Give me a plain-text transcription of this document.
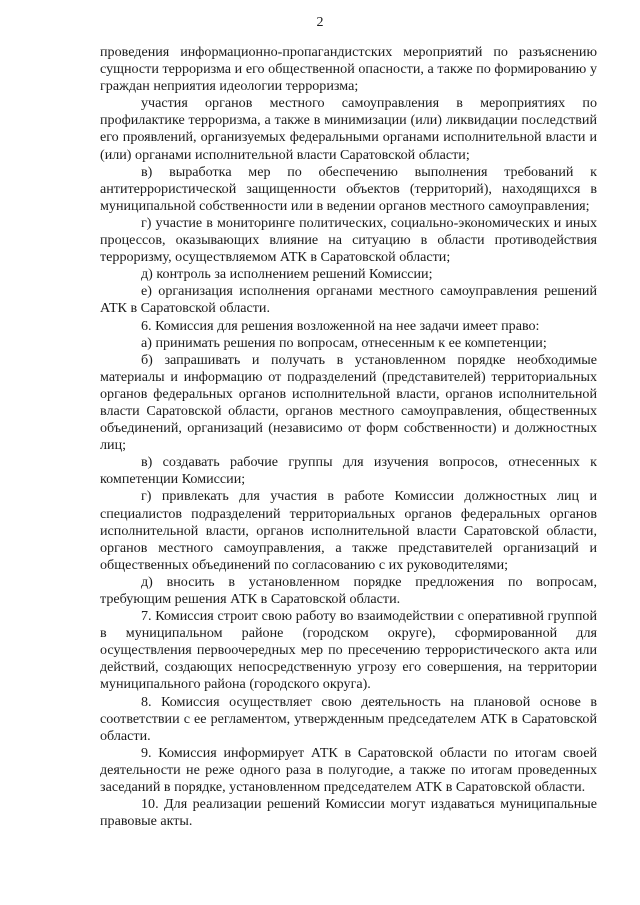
2

проведения информационно-пропагандистских мероприятий по разъяснению сущности терроризма и его общественной опасности, а также по формированию у граждан неприятия идеологии терроризма;

участия органов местного самоуправления в мероприятиях по профилактике терроризма, а также в минимизации (или) ликвидации последствий его проявлений, организуемых федеральными органами исполнительной власти и (или) органами исполнительной власти Саратовской области;

в) выработка мер по обеспечению выполнения требований к антитеррористической защищенности объектов (территорий), находящихся в муниципальной собственности или в ведении органов местного самоуправления;

г) участие в мониторинге политических, социально-экономических и иных процессов, оказывающих влияние на ситуацию в области противодействия терроризму, осуществляемом АТК в Саратовской области;

д) контроль за исполнением решений Комиссии;

е) организация исполнения органами местного самоуправления решений АТК в Саратовской области.

6. Комиссия для решения возложенной на нее задачи имеет право:

а) принимать решения по вопросам, отнесенным к ее компетенции;

б) запрашивать и получать в установленном порядке необходимые материалы и информацию от подразделений (представителей) территориальных органов федеральных органов исполнительной власти, органов исполнительной власти Саратовской области, органов местного самоуправления, общественных объединений, организаций (независимо от форм собственности) и должностных лиц;

в) создавать рабочие группы для изучения вопросов, отнесенных к компетенции Комиссии;

г) привлекать для участия в работе Комиссии должностных лиц и специалистов подразделений территориальных органов федеральных органов исполнительной власти, органов исполнительной власти Саратовской области, органов местного самоуправления, а также представителей организаций и общественных объединений по согласованию с их руководителями;

д) вносить в установленном порядке предложения по вопросам, требующим решения АТК в Саратовской области.

7. Комиссия строит свою работу во взаимодействии с оперативной группой в муниципальном районе (городском округе), сформированной для осуществления первоочередных мер по пресечению террористического акта или действий, создающих непосредственную угрозу его совершения, на территории муниципального района (городского округа).

8. Комиссия осуществляет свою деятельность на плановой основе в соответствии с ее регламентом, утвержденным председателем АТК в Саратовской области.

9. Комиссия информирует АТК в Саратовской области по итогам своей деятельности не реже одного раза в полугодие, а также по итогам проведенных заседаний в порядке, установленном председателем АТК в Саратовской области.

10. Для реализации решений Комиссии могут издаваться муниципальные правовые акты.
